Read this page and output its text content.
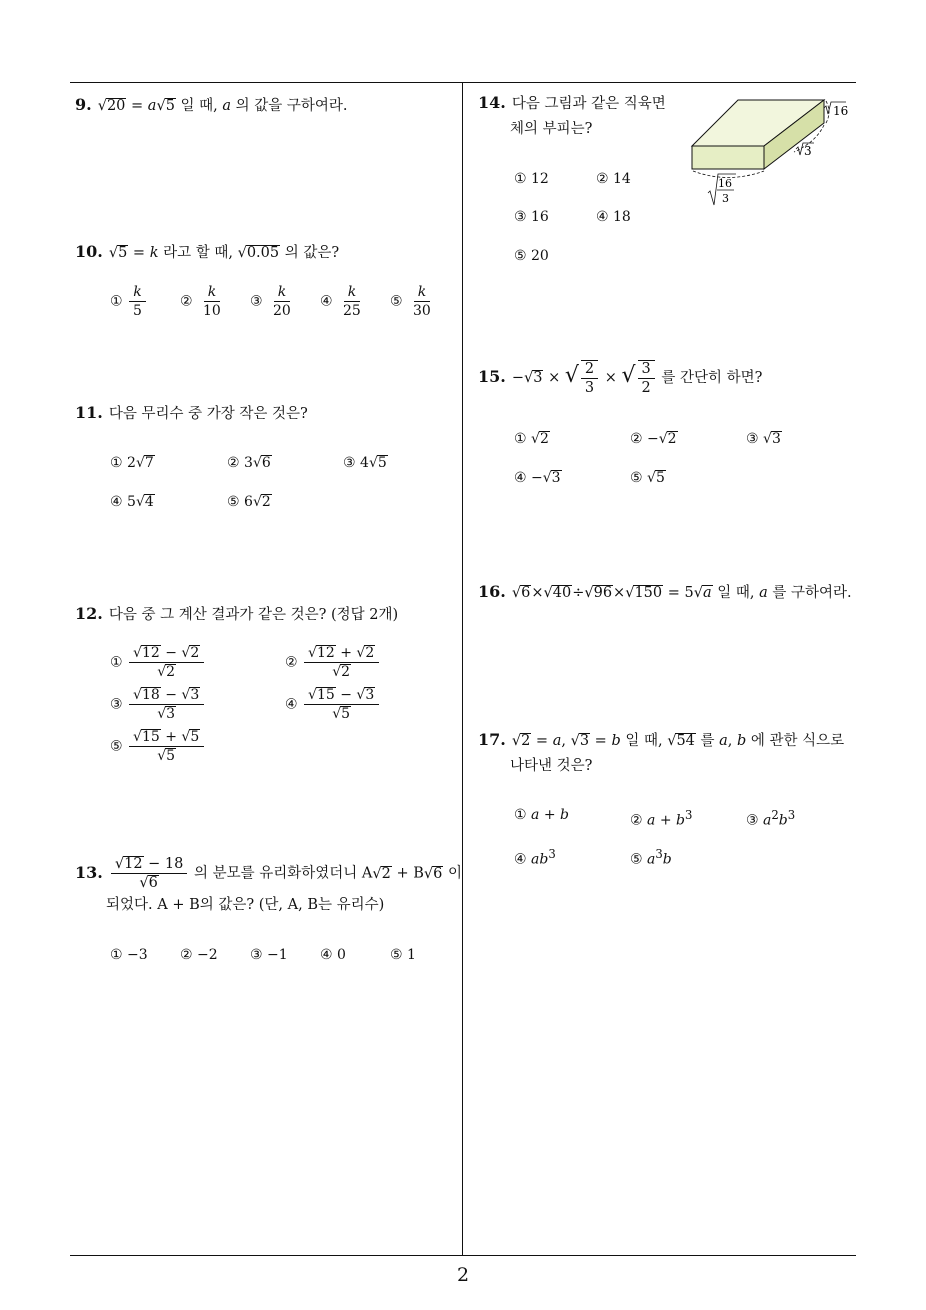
9. √20 = a√5 일 때, a 의 값을 구하여라.
10. √5 = k 라고 할 때, √0.05 의 값은?
① $\frac{k}{5}$ ② $\frac{k}{10}$ ③ $\frac{k}{20}$ ④ $\frac{k}{25}$ ⑤ $\frac{k}{30}$
11. 다음 무리수 중 가장 작은 것은?
① 2√7	② 3√6	③ 4√5
④ 5√4	⑤ 6√2
12. 다음 중 그 계산 결과가 같은 것은? (정답 2개)
① $\frac{√12 - √2}{√2}$	② $\frac{√12 + √2}{√2}$
③ $\frac{√18 - √3}{√3}$	④ $\frac{√15 - √3}{√5}$
⑤ $\frac{√15 + √5}{√5}$
13. $\frac{√12 - 18}{√6}$ 의 분모를 유리화하였더니 A√2 + B√6 이
되었다. A + B의 값은? (단, A, B는 유리수)
① −3 ② −2 ③ −1 ④ 0	⑤ 1
14. 다음 그림과 같은 직육면
체의 부피는?
16
3
16
3
① 12	② 14
③ 16	④ 18
⑤ 20
15. −√3 × √ $\frac{2}{3}$ × √ $\frac{3}{2}$ 를 간단히 하면?
① √2	② −√2	③ √3
④ −√3	⑤ √5
16. √6×√40÷√96×√150 = 5√a 일 때, a 를 구하여라.
17. √2 = a, √3 = b 일 때, √54 를 a, b 에 관한 식으로
나타낸 것은?
① a + b	② $a + b^3$	③ $a^2b^3$
④ $ab^3$	⑤ $a^3b$
2
